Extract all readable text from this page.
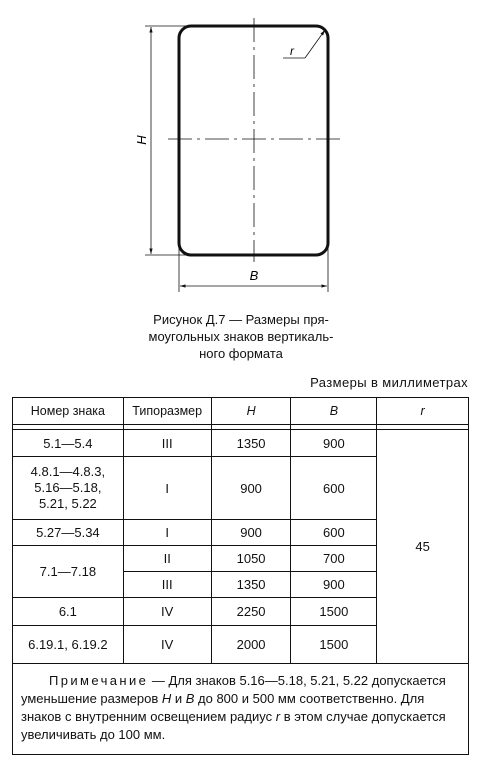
H
B
r
Рисунок Д.7 — Размеры пря-
моугольных знаков вертикаль-
ного формата
Размеры в миллиметрах
Номер знака	Типоразмер	H	B	r

5.1—5.4	III	1350	900	45

4.8.1—4.8.3,
5.16—5.18,
5.21, 5.22	I	900	600	
5.27—5.34	I	900	600	
7.1—7.18	II	1050	700	
	III	1350	900	
6.1	IV	2250	1500	
6.19.1, 6.19.2	IV	2000	1500	
Примечание — Для знаков 5.16—5.18, 5.21, 5.22 допускается уменьшение размеров H и B до 800 и 500 мм соответственно. Для знаков с внутренним освещением радиус r в этом случае допускается увеличивать до 100 мм.				
